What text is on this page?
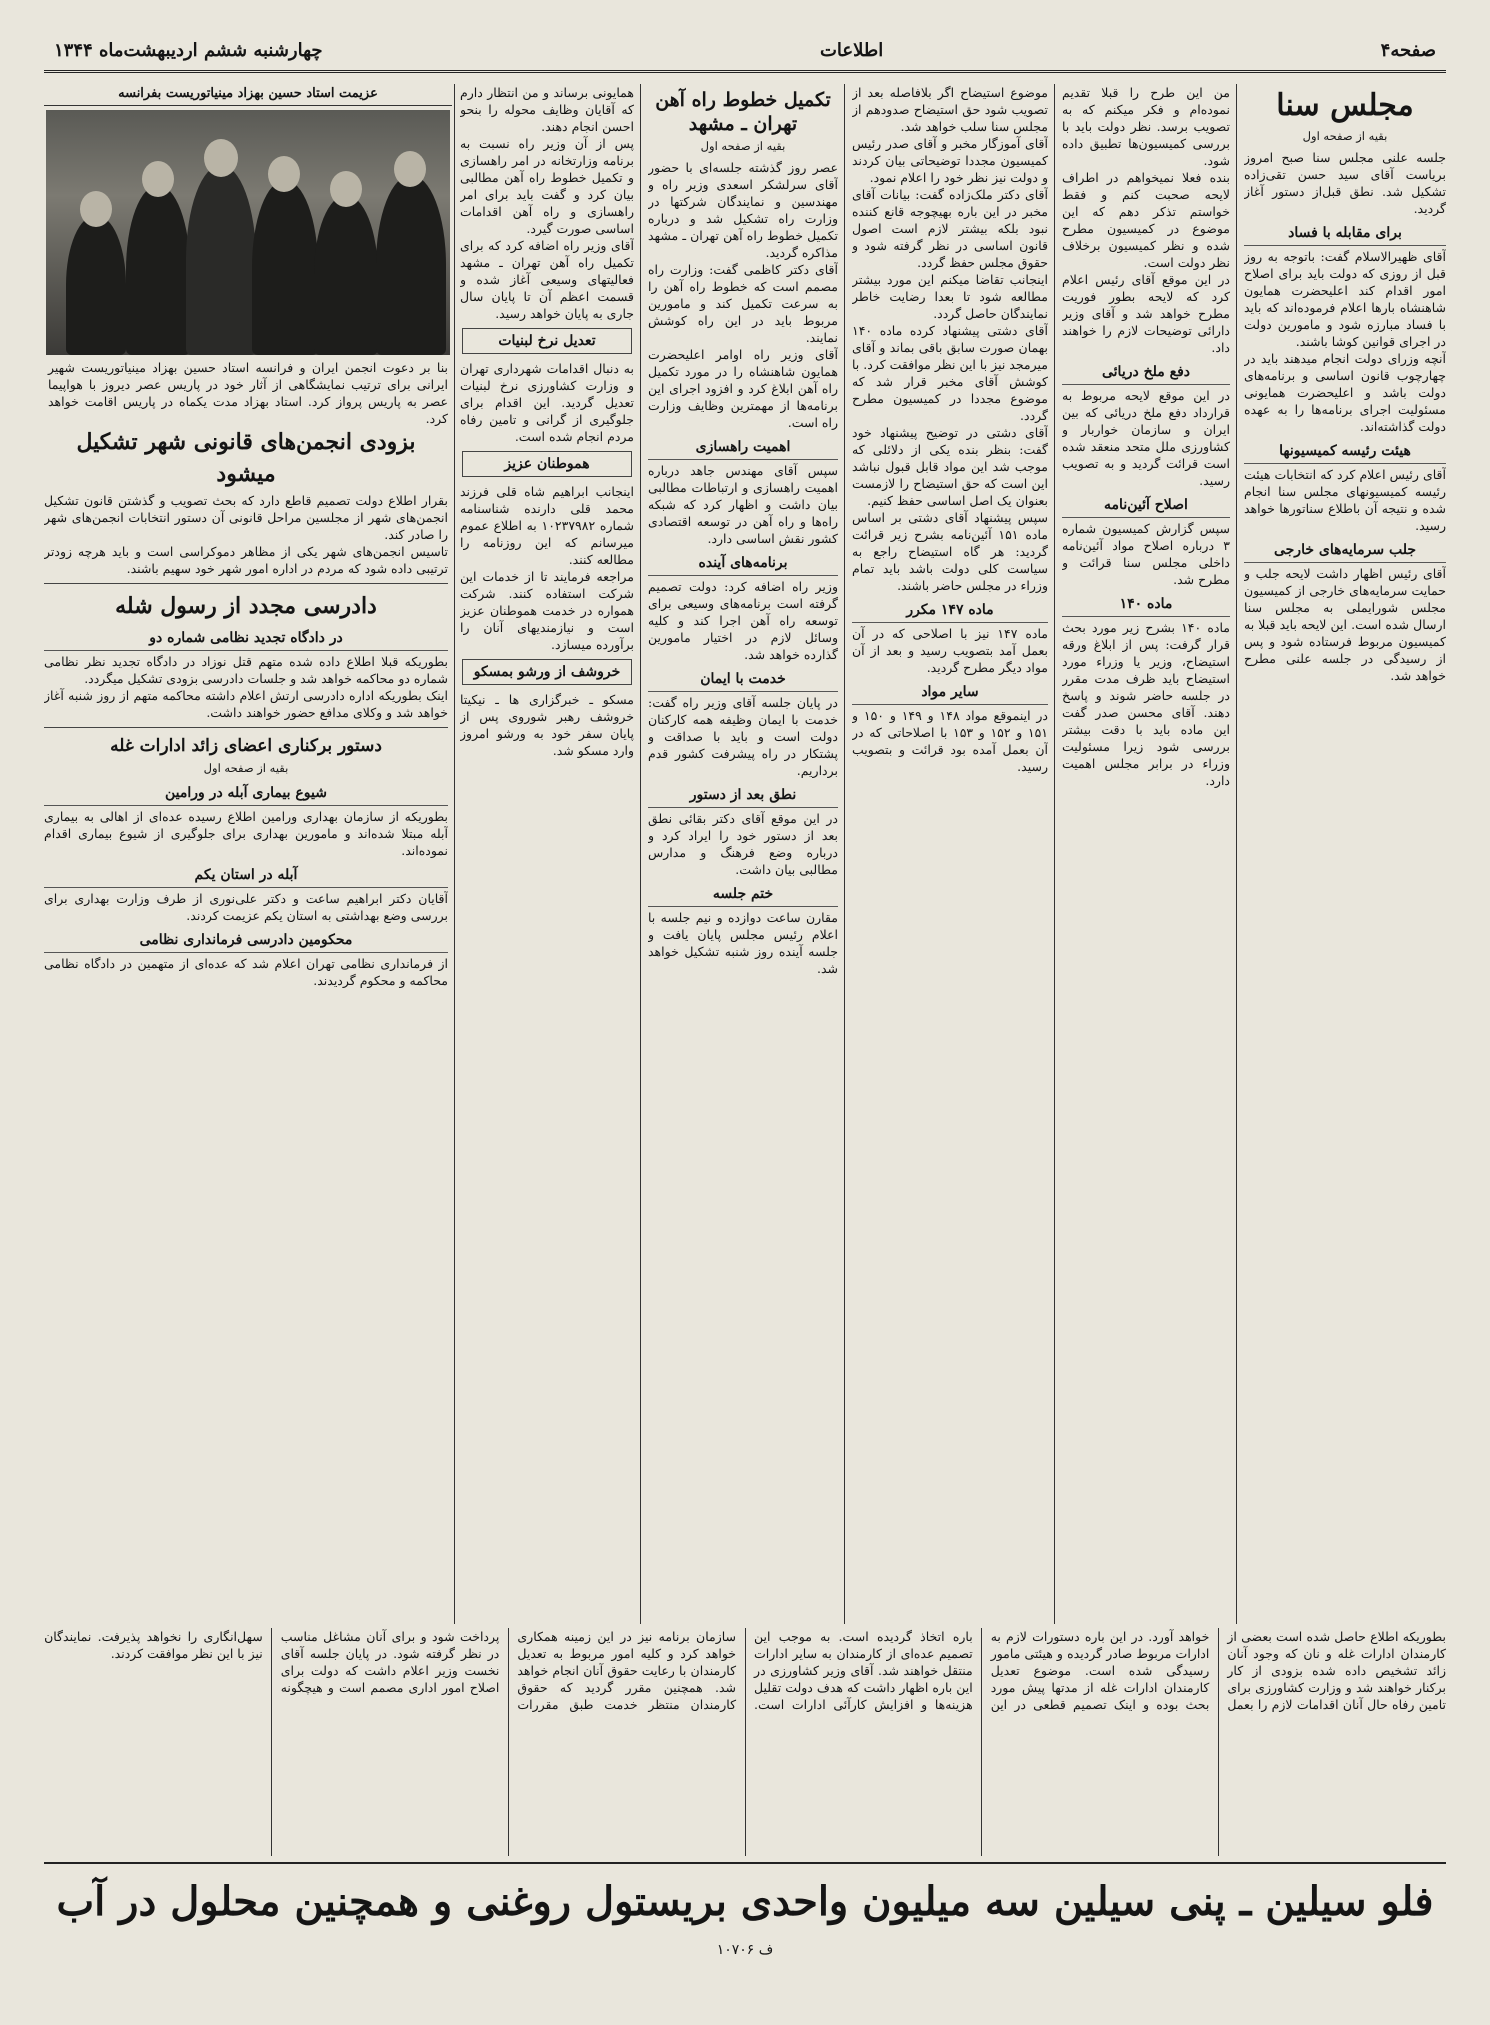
صفحه۴
اطلاعات
چهارشنبه ششم اردیبهشت‌ماه ۱۳۴۴
مجلس سنا
بقیه از صفحه اول

جلسه علنی مجلس سنا صبح امروز بریاست آقای سید حسن تقی‌زاده تشکیل شد. نطق قبل‌از دستور آغاز گردید.

برای مقابله با فساد

آقای ظهیرالاسلام گفت: باتوجه به روز قبل از روزی که دولت باید برای اصلاح امور اقدام کند اعلیحضرت همایون شاهنشاه بارها اعلام فرموده‌اند که باید با فساد مبارزه شود و مامورین دولت در اجرای قوانین کوشا باشند.

آنچه وزرای دولت انجام میدهند باید در چهارچوب قانون اساسی و برنامه‌های دولت باشد و اعلیحضرت همایونی مسئولیت اجرای برنامه‌ها را به عهده دولت گذاشته‌اند.

هیئت رئیسه کمیسیونها

آقای رئیس اعلام کرد که انتخابات هیئت رئیسه کمیسیونهای مجلس سنا انجام شده و نتیجه آن باطلاع سناتورها خواهد رسید.

جلب سرمایه‌های خارجی

آقای رئیس اظهار داشت لایحه جلب و حمایت سرمایه‌های خارجی از کمیسیون مجلس شورایملی به مجلس سنا ارسال شده است. این لایحه باید قبلا به کمیسیون مربوط فرستاده شود و پس از رسیدگی در جلسه علنی مطرح خواهد شد.

من این طرح را قبلا تقدیم نموده‌ام و فکر میکنم که به تصویب برسد. نظر دولت باید با بررسی کمیسیون‌ها تطبیق داده شود.

بنده فعلا نمیخواهم در اطراف لایحه صحبت کنم و فقط خواستم تذکر دهم که این موضوع در کمیسیون مطرح شده و نظر کمیسیون برخلاف نظر دولت است.

در این موقع آقای رئیس اعلام کرد که لایحه بطور فوریت مطرح خواهد شد و آقای وزیر دارائی توضیحات لازم را خواهند داد.

دفع ملخ دریائی

در این موقع لایحه مربوط به قرارداد دفع ملخ دریائی که بین ایران و سازمان خواربار و کشاورزی ملل متحد منعقد شده است قرائت گردید و به تصویب رسید.

اصلاح آئین‌نامه

سپس گزارش کمیسیون شماره ۳ درباره اصلاح مواد آئین‌نامه داخلی مجلس سنا قرائت و مطرح شد.

ماده ۱۴۰

ماده ۱۴۰ بشرح زیر مورد بحث قرار گرفت: پس از ابلاغ ورقه استیضاح، وزیر یا وزراء مورد استیضاح باید ظرف مدت مقرر در جلسه حاضر شوند و پاسخ دهند. آقای محسن صدر گفت این ماده باید با دقت بیشتر بررسی شود زیرا مسئولیت وزراء در برابر مجلس اهمیت دارد.

موضوع استیضاح اگر بلافاصله بعد از تصویب شود حق استیضاح صدودهم از مجلس سنا سلب خواهد شد.

آقای آموزگار مخبر و آقای صدر رئیس کمیسیون مجددا توضیحاتی بیان کردند و دولت نیز نظر خود را اعلام نمود.

آقای دکتر ملک‌زاده گفت: بیانات آقای مخبر در این باره بهیچوجه قانع کننده نبود بلکه بیشتر لازم است اصول قانون اساسی در نظر گرفته شود و حقوق مجلس حفظ گردد.

اینجانب تقاضا میکنم این مورد بیشتر مطالعه شود تا بعدا رضایت خاطر نمایندگان حاصل گردد.

آقای دشتی پیشنهاد کرده ماده ۱۴۰ بهمان صورت سابق باقی بماند و آقای میرمجد نیز با این نظر موافقت کرد. با کوشش آقای مخبر قرار شد که موضوع مجددا در کمیسیون مطرح گردد.

آقای دشتی در توضیح پیشنهاد خود گفت: بنظر بنده یکی از دلائلی که موجب شد این مواد قابل قبول نباشد این است که حق استیضاح را لازمست بعنوان یک اصل اساسی حفظ کنیم.

سپس پیشنهاد آقای دشتی بر اساس ماده ۱۵۱ آئین‌نامه بشرح زیر قرائت گردید: هر گاه استیضاح راجع به سیاست کلی دولت باشد باید تمام وزراء در مجلس حاضر باشند.

ماده ۱۴۷ مکرر

ماده ۱۴۷ نیز با اصلاحی که در آن بعمل آمد بتصویب رسید و بعد از آن مواد دیگر مطرح گردید.

سایر مواد

در اینموقع مواد ۱۴۸ و ۱۴۹ و ۱۵۰ و ۱۵۱ و ۱۵۲ و ۱۵۳ با اصلاحاتی که در آن بعمل آمده بود قرائت و بتصویب رسید.

تکمیل خطوط راه آهن تهران ـ مشهد
بقیه از صفحه اول

عصر روز گذشته جلسه‌ای با حضور آقای سرلشکر اسعدی وزیر راه و مهندسین و نمایندگان شرکتها در وزارت راه تشکیل شد و درباره تکمیل خطوط راه آهن تهران ـ مشهد مذاکره گردید.

آقای دکتر کاظمی گفت: وزارت راه مصمم است که خطوط راه آهن را به سرعت تکمیل کند و مامورین مربوط باید در این راه کوشش نمایند.

آقای وزیر راه اوامر اعلیحضرت همایون شاهنشاه را در مورد تکمیل راه آهن ابلاغ کرد و افزود اجرای این برنامه‌ها از مهمترین وظایف وزارت راه است.

اهمیت راهسازی

سپس آقای مهندس جاهد درباره اهمیت راهسازی و ارتباطات مطالبی بیان داشت و اظهار کرد که شبکه راه‌ها و راه آهن در توسعه اقتصادی کشور نقش اساسی دارد.

برنامه‌های آینده

وزیر راه اضافه کرد: دولت تصمیم گرفته است برنامه‌های وسیعی برای توسعه راه آهن اجرا کند و کلیه وسائل لازم در اختیار مامورین گذارده خواهد شد.

خدمت با ایمان

در پایان جلسه آقای وزیر راه گفت: خدمت با ایمان وظیفه همه کارکنان دولت است و باید با صداقت و پشتکار در راه پیشرفت کشور قدم برداریم.

نطق بعد از دستور

در این موقع آقای دکتر بقائی نطق بعد از دستور خود را ایراد کرد و درباره وضع فرهنگ و مدارس مطالبی بیان داشت.

ختم جلسه

مقارن ساعت دوازده و نیم جلسه با اعلام رئیس مجلس پایان یافت و جلسه آینده روز شنبه تشکیل خواهد شد.

همایونی برساند و من انتظار دارم که آقایان وظایف محوله را بنحو احسن انجام دهند.

پس از آن وزیر راه نسبت به برنامه وزارتخانه در امر راهسازی و تکمیل خطوط راه آهن مطالبی بیان کرد و گفت باید برای امر راهسازی و راه آهن اقدامات اساسی صورت گیرد.

آقای وزیر راه اضافه کرد که برای تکمیل راه آهن تهران ـ مشهد فعالیتهای وسیعی آغاز شده و قسمت اعظم آن تا پایان سال جاری به پایان خواهد رسید.

تعدیل نرخ لبنیات

به دنبال اقدامات شهرداری تهران و وزارت کشاورزی نرخ لبنیات تعدیل گردید. این اقدام برای جلوگیری از گرانی و تامین رفاه مردم انجام شده است.

هموطنان عزیز

اینجانب ابراهیم شاه قلی فرزند محمد قلی دارنده شناسنامه شماره ۱۰۲۳۷۹۸۲ به اطلاع عموم میرسانم که این روزنامه را مطالعه کنند.

مراجعه فرمایند تا از خدمات این شرکت استفاده کنند. شرکت همواره در خدمت هموطنان عزیز است و نیازمندیهای آنان را برآورده میسازد.

خروشف از ورشو بمسکو

مسکو ـ خبرگزاری ها ـ نیکیتا خروشف رهبر شوروی پس از پایان سفر خود به ورشو امروز وارد مسکو شد.

عزیمت استاد حسین بهزاد مینیاتوریست بفرانسه
بنا بر دعوت انجمن ایران و فرانسه استاد حسین بهزاد مینیاتوریست شهیر ایرانی برای ترتیب نمایشگاهی از آثار خود در پاریس عصر دیروز با هواپیما عصر به پاریس پرواز کرد. استاد بهزاد مدت یکماه در پاریس اقامت خواهد کرد.
بزودی انجمن‌های قانونی شهر تشکیل میشود

بقرار اطلاع دولت تصمیم قاطع دارد که بحث تصویب و گذشتن قانون تشکیل انجمن‌های شهر از مجلسین مراحل قانونی آن دستور انتخابات انجمن‌های شهر را صادر کند.

تاسیس انجمن‌های شهر یکی از مظاهر دموکراسی است و باید هرچه زودتر ترتیبی داده شود که مردم در اداره امور شهر خود سهیم باشند.

دادرسی مجدد از رسول شله
در دادگاه تجدید نظامی شماره دو

بطوریکه قبلا اطلاع داده شده متهم قتل نوزاد در دادگاه تجدید نظر نظامی شماره دو محاکمه خواهد شد و جلسات دادرسی بزودی تشکیل میگردد.

اینک بطوریکه اداره دادرسی ارتش اعلام داشته محاکمه متهم از روز شنبه آغاز خواهد شد و وکلای مدافع حضور خواهند داشت.

دستور برکناری اعضای زائد ادارات غله
بقیه از صفحه اول
شیوع بیماری آبله در ورامین

بطوریکه از سازمان بهداری ورامین اطلاع رسیده عده‌ای از اهالی به بیماری آبله مبتلا شده‌اند و مامورین بهداری برای جلوگیری از شیوع بیماری اقدام نموده‌اند.

آبله در استان یکم

آقایان دکتر ابراهیم ساعت و دکتر علی‌نوری از طرف وزارت بهداری برای بررسی وضع بهداشتی به استان یکم عزیمت کردند.

محکومین دادرسی فرمانداری نظامی

از فرمانداری نظامی تهران اعلام شد که عده‌ای از متهمین در دادگاه نظامی محاکمه و محکوم گردیدند.

بطوریکه اطلاع حاصل شده است بعضی از کارمندان ادارات غله و نان که وجود آنان زائد تشخیص داده شده بزودی از کار برکنار خواهند شد و وزارت کشاورزی برای تامین رفاه حال آنان اقدامات لازم را بعمل خواهد آورد. در این باره دستورات لازم به ادارات مربوط صادر گردیده و هیئتی مامور رسیدگی شده است. موضوع تعدیل کارمندان ادارات غله از مدتها پیش مورد بحث بوده و اینک تصمیم قطعی در این باره اتخاذ گردیده است. به موجب این تصمیم عده‌ای از کارمندان به سایر ادارات منتقل خواهند شد. آقای وزیر کشاورزی در این باره اظهار داشت که هدف دولت تقلیل هزینه‌ها و افزایش کارآئی ادارات است. سازمان برنامه نیز در این زمینه همکاری خواهد کرد و کلیه امور مربوط به تعدیل کارمندان با رعایت حقوق آنان انجام خواهد شد. همچنین مقرر گردید که حقوق کارمندان منتظر خدمت طبق مقررات پرداخت شود و برای آنان مشاغل مناسب در نظر گرفته شود. در پایان جلسه آقای نخست وزیر اعلام داشت که دولت برای اصلاح امور اداری مصمم است و هیچگونه سهل‌انگاری را نخواهد پذیرفت. نمایندگان نیز با این نظر موافقت کردند.
فلو سیلین ـ پنی سیلین سه میلیون واحدی بریستول روغنی و همچنین محلول در آب
ف ۱۰۷۰۶
